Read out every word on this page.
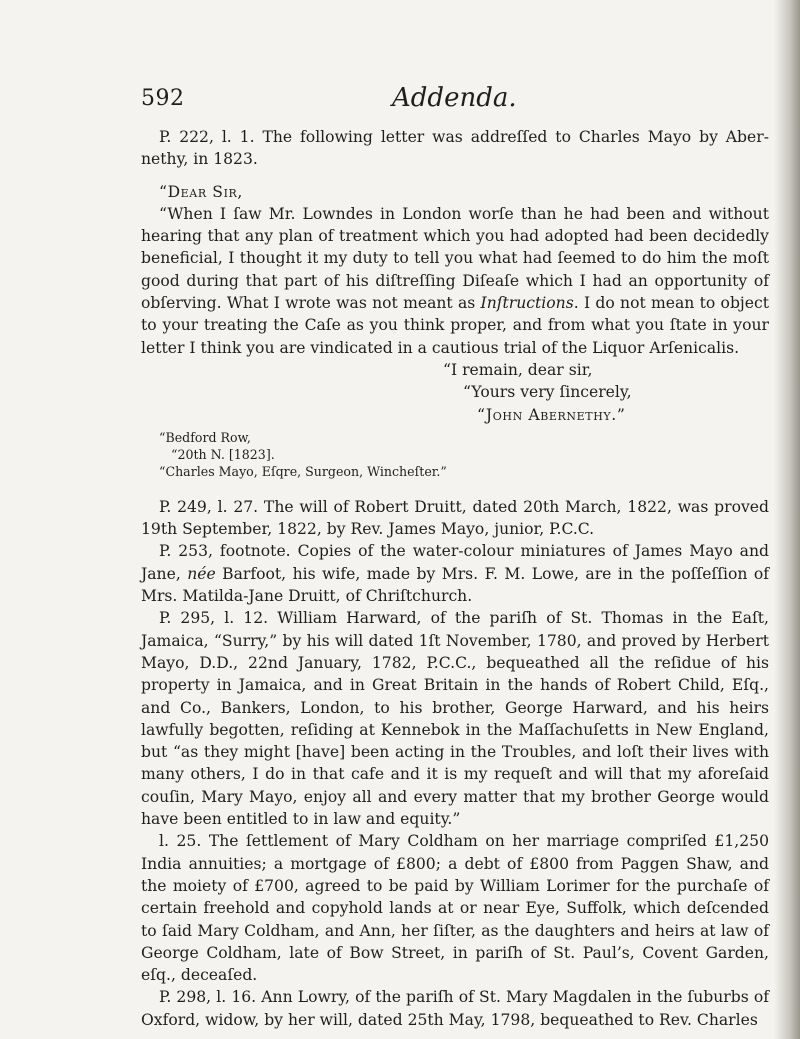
592	Addenda.

P. 222, l. 1. The following letter was addreſſed to Charles Mayo by Abernethy, in 1823.

“Dear Sir,

“When I ſaw Mr. Lowndes in London worſe than he had been and without hearing that any plan of treatment which you had adopted had been decidedly beneficial, I thought it my duty to tell you what had ſeemed to do him the moſt good during that part of his diſtreſſing Diſeaſe which I had an opportunity of obſerving. What I wrote was not meant as Inſtructions. I do not mean to object to your treating the Caſe as you think proper, and from what you ſtate in your letter I think you are vindicated in a cautious trial of the Liquor Arſenicalis.

“I remain, dear sir,

“Yours very ſincerely,

“John Abernethy.”

“Bedford Row,
“20th N. [1823].
“Charles Mayo, Eſqre, Surgeon, Wincheſter.”

P. 249, l. 27. The will of Robert Druitt, dated 20th March, 1822, was proved 19th September, 1822, by Rev. James Mayo, junior, P.C.C.

P. 253, footnote. Copies of the water-colour miniatures of James Mayo and Jane, née Barfoot, his wife, made by Mrs. F. M. Lowe, are in the poſſeſſion of Mrs. Matilda-Jane Druitt, of Chriſtchurch.

P. 295, l. 12. William Harward, of the pariſh of St. Thomas in the Eaſt, Jamaica, “Surry,” by his will dated 1ſt November, 1780, and proved by Herbert Mayo, D.D., 22nd January, 1782, P.C.C., bequeathed all the reſidue of his property in Jamaica, and in Great Britain in the hands of Robert Child, Eſq., and Co., Bankers, London, to his brother, George Harward, and his heirs lawfully begotten, reſiding at Kennebok in the Maſſachuſetts in New England, but “as they might [have] been acting in the Troubles, and loſt their lives with many others, I do in that cafe and it is my requeſt and will that my aforeſaid couſin, Mary Mayo, enjoy all and every matter that my brother George would have been entitled to in law and equity.”

l. 25. The ſettlement of Mary Coldham on her marriage compriſed £1,250 India annuities; a mortgage of £800; a debt of £800 from Paggen Shaw, and the moiety of £700, agreed to be paid by William Lorimer for the purchaſe of certain freehold and copyhold lands at or near Eye, Suffolk, which deſcended to ſaid Mary Coldham, and Ann, her ſiſter, as the daughters and heirs at law of George Coldham, late of Bow Street, in pariſh of St. Paul’s, Covent Garden, eſq., deceaſed.

P. 298, l. 16. Ann Lowry, of the pariſh of St. Mary Magdalen in the ſuburbs of Oxford, widow, by her will, dated 25th May, 1798, bequeathed to Rev. Charles
